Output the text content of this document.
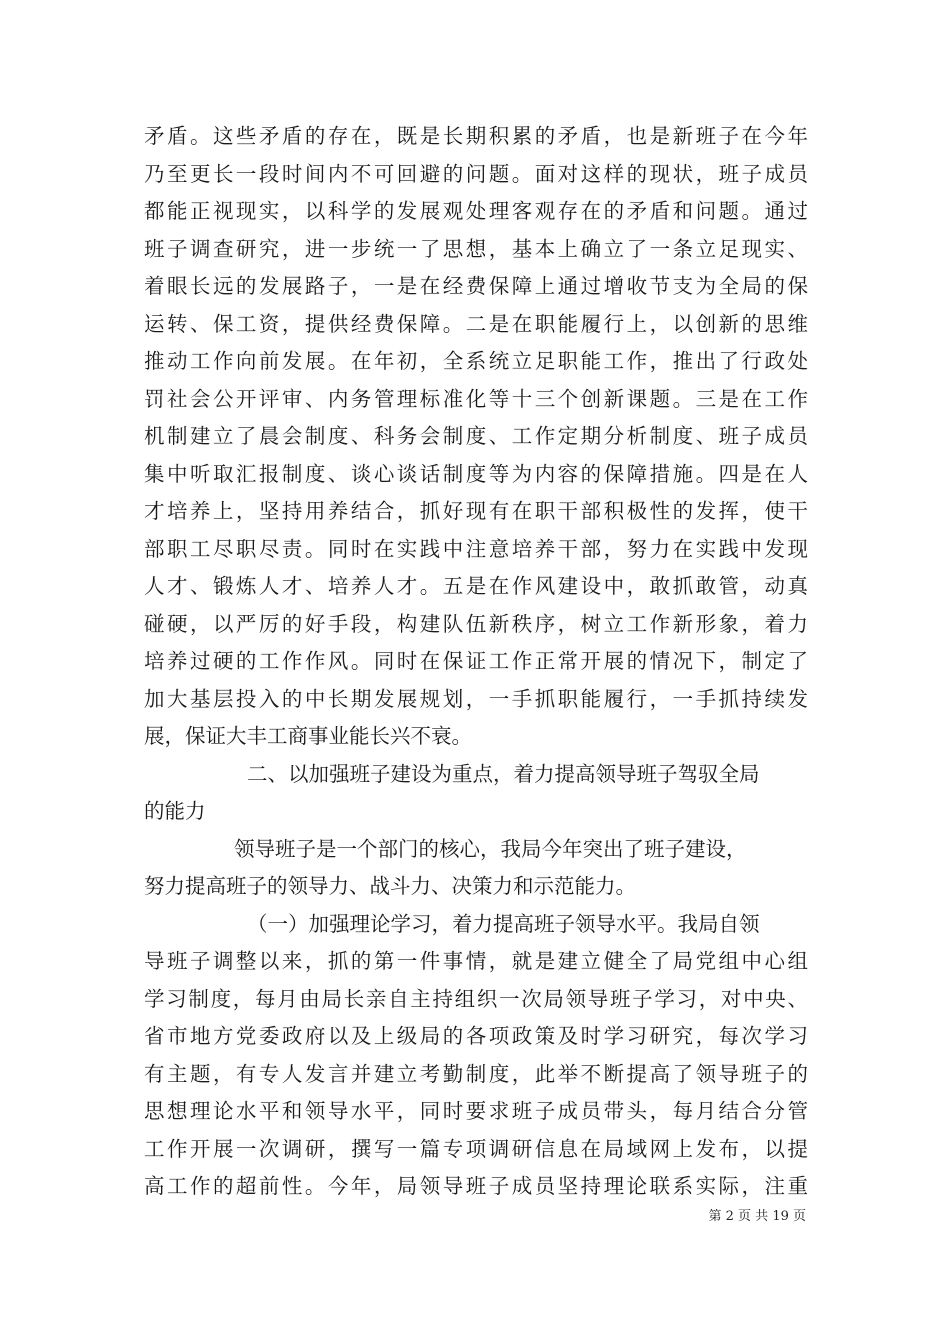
矛盾。这些矛盾的存在，既是长期积累的矛盾，也是新班子在今年
乃至更长一段时间内不可回避的问题。面对这样的现状，班子成员
都能正视现实，以科学的发展观处理客观存在的矛盾和问题。通过
班子调查研究，进一步统一了思想，基本上确立了一条立足现实、
着眼长远的发展路子，一是在经费保障上通过增收节支为全局的保
运转、保工资，提供经费保障。二是在职能履行上，以创新的思维
推动工作向前发展。在年初，全系统立足职能工作，推出了行政处
罚社会公开评审、内务管理标准化等十三个创新课题。三是在工作
机制建立了晨会制度、科务会制度、工作定期分析制度、班子成员
集中听取汇报制度、谈心谈话制度等为内容的保障措施。四是在人
才培养上，坚持用养结合，抓好现有在职干部积极性的发挥，使干
部职工尽职尽责。同时在实践中注意培养干部，努力在实践中发现
人才、锻炼人才、培养人才。五是在作风建设中，敢抓敢管，动真
碰硬，以严厉的好手段，构建队伍新秩序，树立工作新形象，着力
培养过硬的工作作风。同时在保证工作正常开展的情况下，制定了
加大基层投入的中长期发展规划，一手抓职能履行，一手抓持续发
展，保证大丰工商事业能长兴不衰。
二、以加强班子建设为重点，着力提高领导班子驾驭全局
的能力
领导班子是一个部门的核心，我局今年突出了班子建设，
努力提高班子的领导力、战斗力、决策力和示范能力。
（一）加强理论学习，着力提高班子领导水平。我局自领
导班子调整以来，抓的第一件事情，就是建立健全了局党组中心组
学习制度，每月由局长亲自主持组织一次局领导班子学习，对中央、
省市地方党委政府以及上级局的各项政策及时学习研究，每次学习
有主题，有专人发言并建立考勤制度，此举不断提高了领导班子的
思想理论水平和领导水平，同时要求班子成员带头，每月结合分管
工作开展一次调研，撰写一篇专项调研信息在局域网上发布，以提
高工作的超前性。今年，局领导班子成员坚持理论联系实际，注重
第 2 页 共 19 页
